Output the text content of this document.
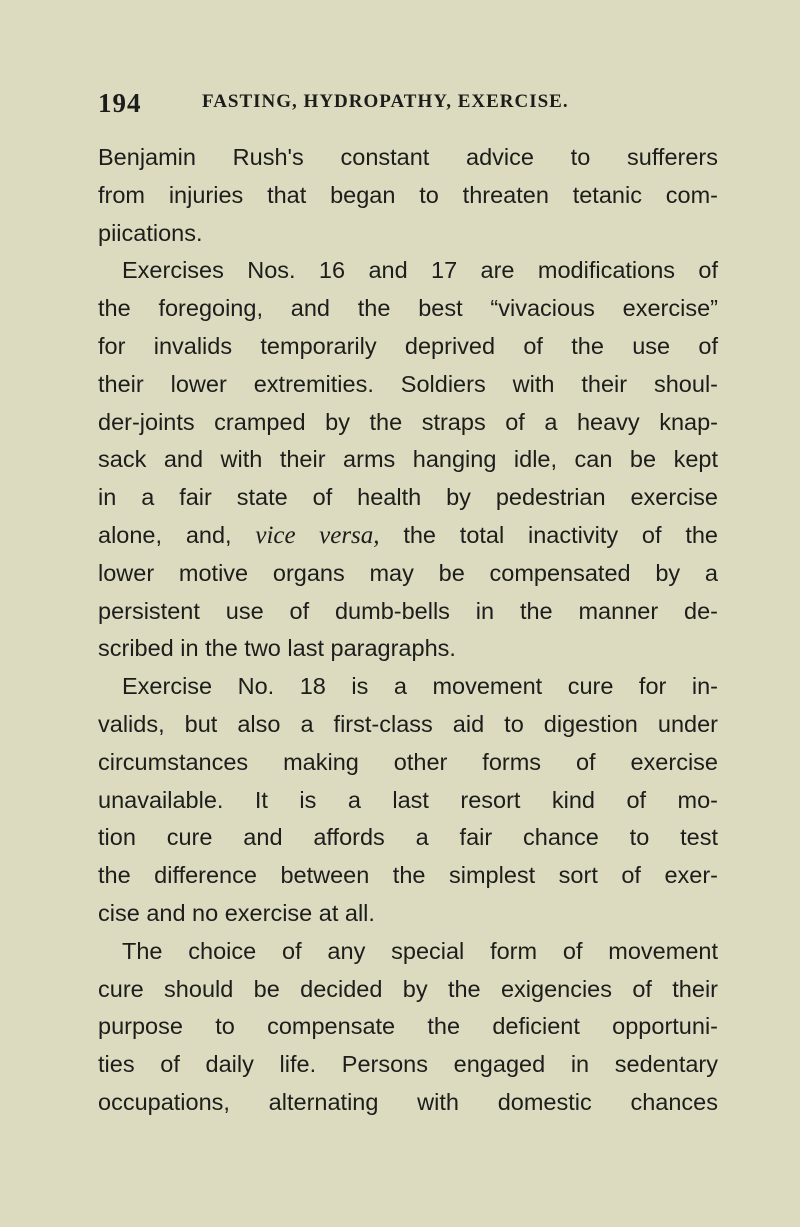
194	FASTING, HYDROPATHY, EXERCISE.
Benjamin Rush's constant advice to sufferers
from injuries that began to threaten tetanic com-
piications.
Exercises Nos. 16 and 17 are modifications of
the foregoing, and the best “vivacious exercise”
for invalids temporarily deprived of the use of
their lower extremities. Soldiers with their shoul-
der-joints cramped by the straps of a heavy knap-
sack and with their arms hanging idle, can be kept
in a fair state of health by pedestrian exercise
alone, and, vice versa, the total inactivity of the
lower motive organs may be compensated by a
persistent use of dumb-bells in the manner de-
scribed in the two last paragraphs.
Exercise No. 18 is a movement cure for in-
valids, but also a first-class aid to digestion under
circumstances making other forms of exercise
unavailable. It is a last resort kind of mo-
tion cure and affords a fair chance to test
the difference between the simplest sort of exer-
cise and no exercise at all.
The choice of any special form of movement
cure should be decided by the exigencies of their
purpose to compensate the deficient opportuni-
ties of daily life. Persons engaged in sedentary
occupations, alternating with domestic chances
